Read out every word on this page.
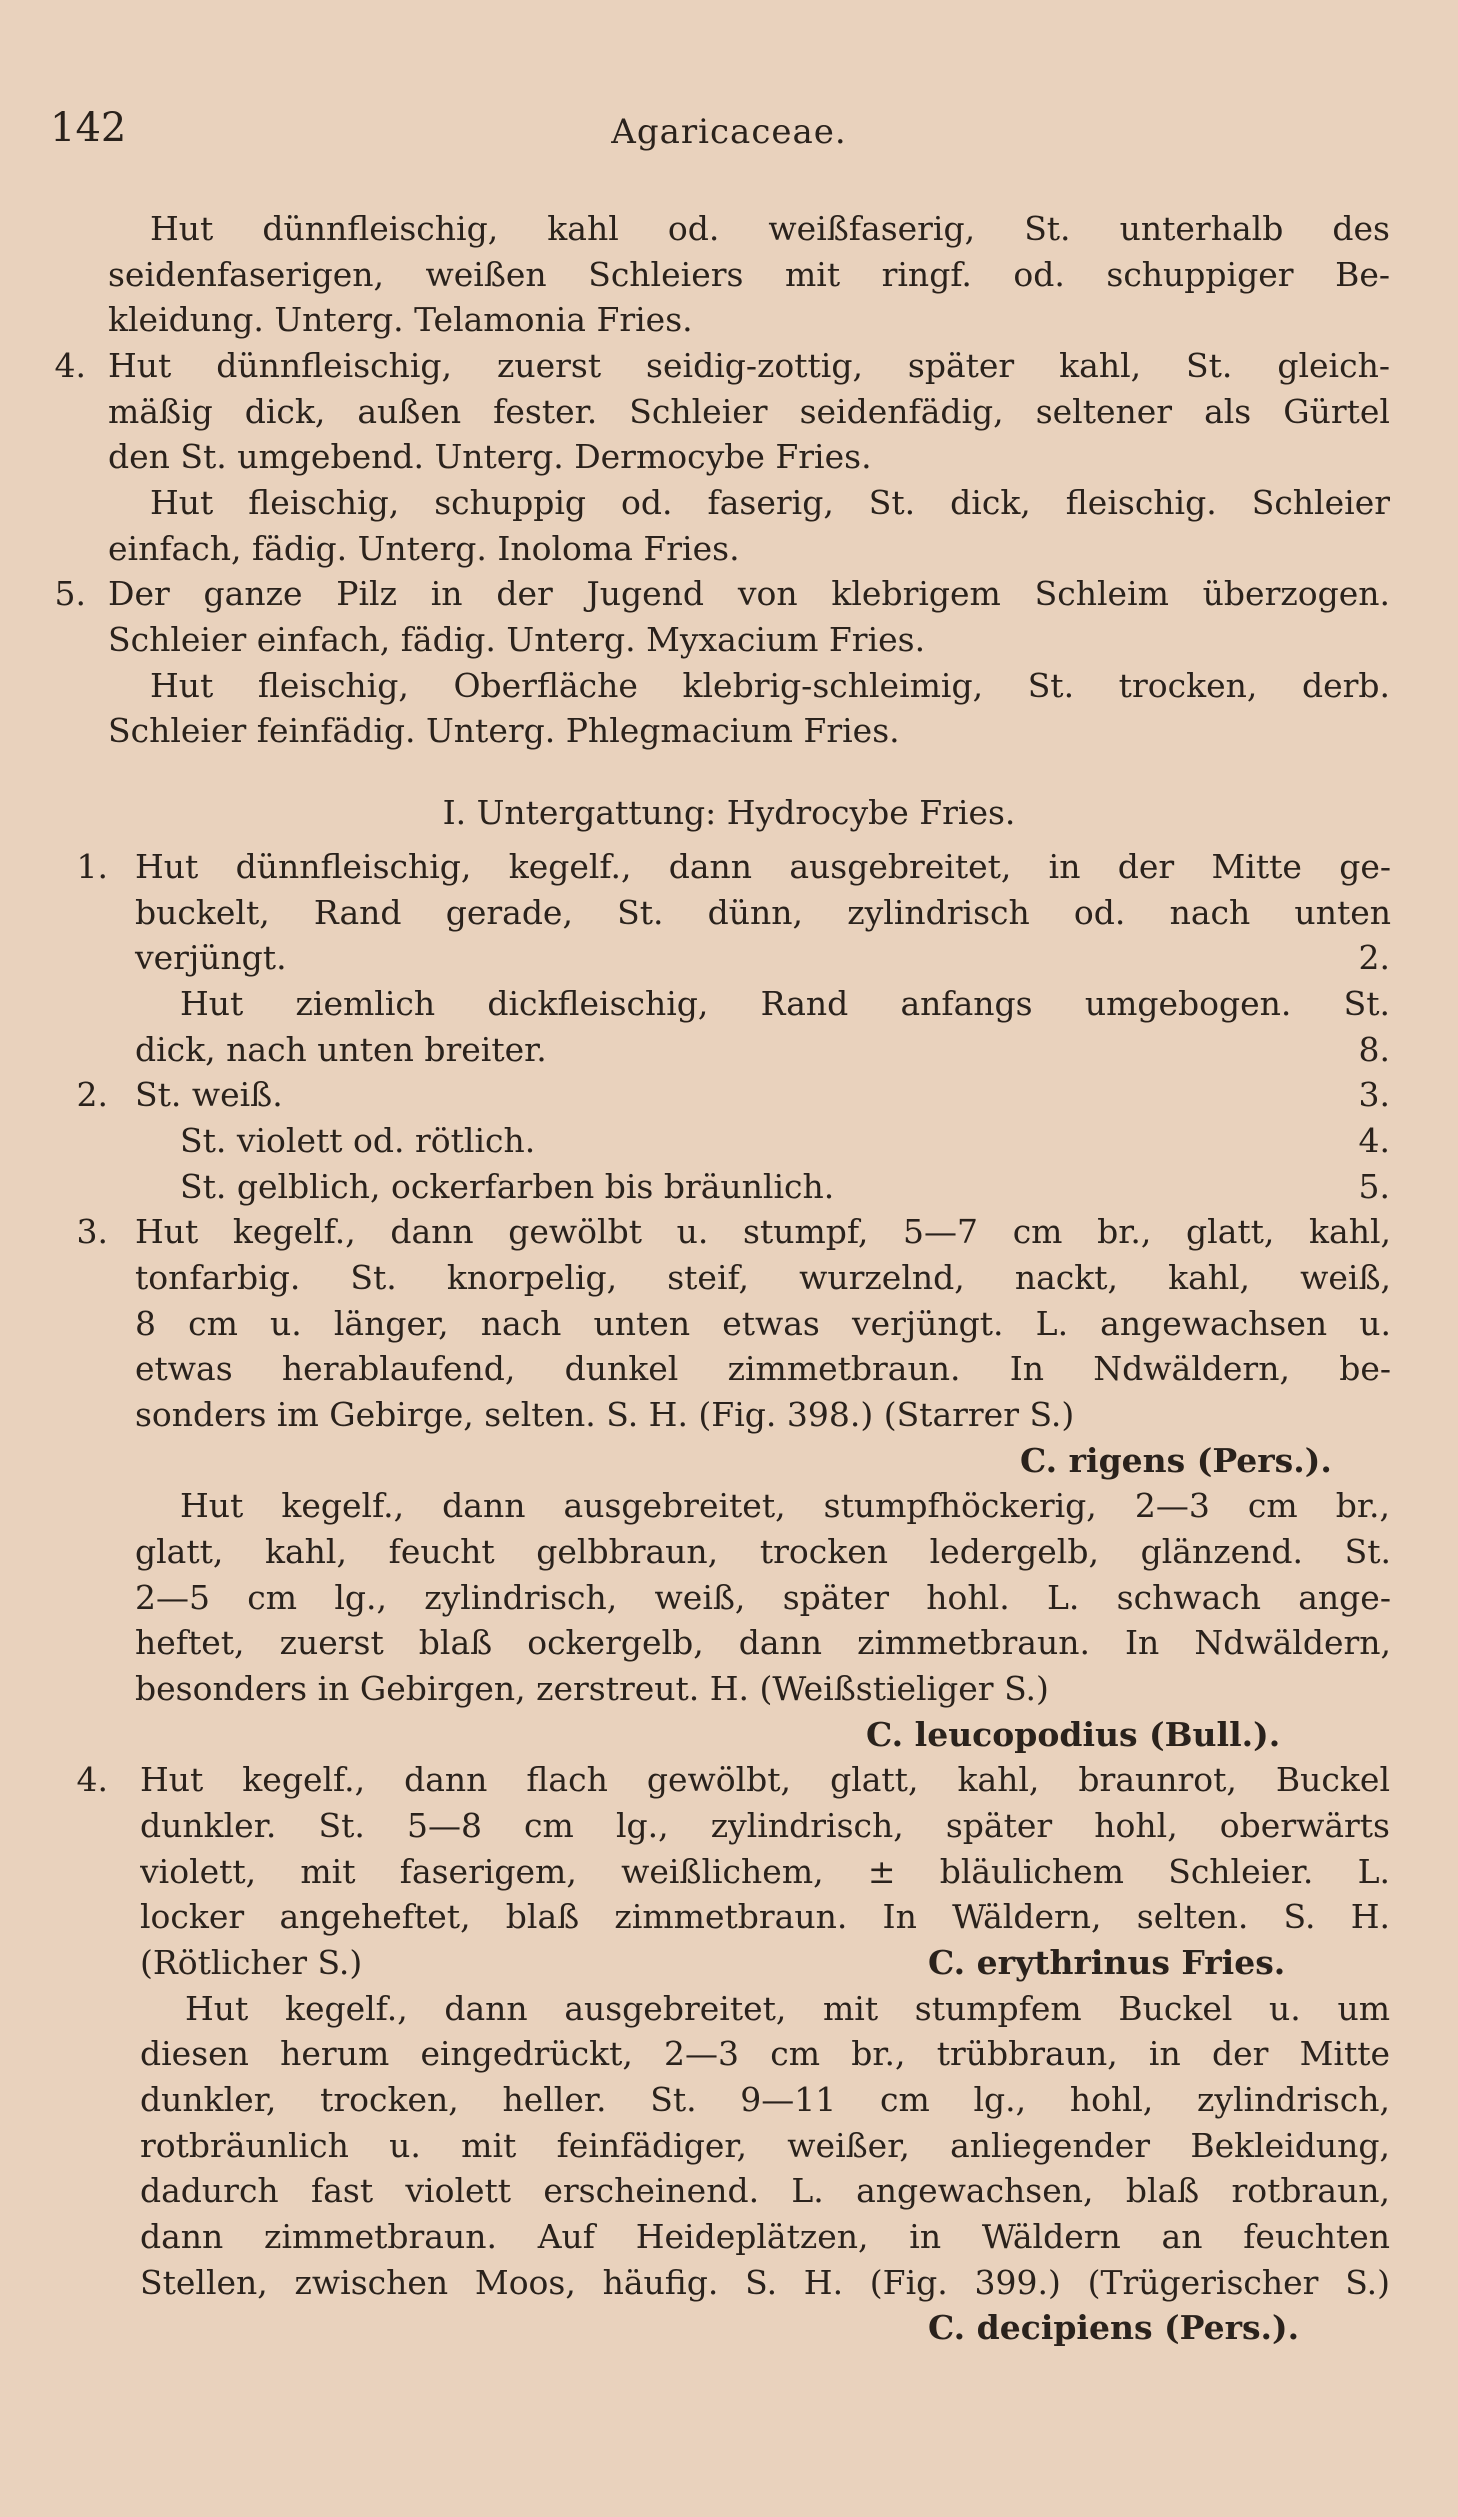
142	Agaricaceae.
Hut dünnfleischig, kahl od. weißfaserig, St. unterhalb des
seidenfaserigen, weißen Schleiers mit ringf. od. schuppiger Be-
kleidung. Unterg. Telamonia Fries.
4. Hut dünnfleischig, zuerst seidig-zottig, später kahl, St. gleich-
mäßig dick, außen fester. Schleier seidenfädig, seltener als Gürtel
den St. umgebend. Unterg. Dermocybe Fries.
Hut fleischig, schuppig od. faserig, St. dick, fleischig. Schleier
einfach, fädig. Unterg. Inoloma Fries.
5. Der ganze Pilz in der Jugend von klebrigem Schleim überzogen.
Schleier einfach, fädig. Unterg. Myxacium Fries.
Hut fleischig, Oberfläche klebrig-schleimig, St. trocken, derb.
Schleier feinfädig. Unterg. Phlegmacium Fries.
I. Untergattung: Hydrocybe Fries.
1. Hut dünnfleischig, kegelf., dann ausgebreitet, in der Mitte ge-
buckelt, Rand gerade, St. dünn, zylindrisch od. nach unten
verjüngt.	2.
Hut ziemlich dickfleischig, Rand anfangs umgebogen. St.
dick, nach unten breiter.	8.
2. St. weiß.	3.
St. violett od. rötlich.	4.
St. gelblich, ockerfarben bis bräunlich.	5.
3. Hut kegelf., dann gewölbt u. stumpf, 5—7 cm br., glatt, kahl,
tonfarbig. St. knorpelig, steif, wurzelnd, nackt, kahl, weiß,
8 cm u. länger, nach unten etwas verjüngt. L. angewachsen u.
etwas herablaufend, dunkel zimmetbraun. In Ndwäldern, be-
sonders im Gebirge, selten. S. H. (Fig. 398.) (Starrer S.)
C. rigens (Pers.).
Hut kegelf., dann ausgebreitet, stumpfhöckerig, 2—3 cm br.,
glatt, kahl, feucht gelbbraun, trocken ledergelb, glänzend. St.
2—5 cm lg., zylindrisch, weiß, später hohl. L. schwach ange-
heftet, zuerst blaß ockergelb, dann zimmetbraun. In Ndwäldern,
besonders in Gebirgen, zerstreut. H. (Weißstieliger S.)
C. leucopodius (Bull.).
4. Hut kegelf., dann flach gewölbt, glatt, kahl, braunrot, Buckel
dunkler. St. 5—8 cm lg., zylindrisch, später hohl, oberwärts
violett, mit faserigem, weißlichem, ± bläulichem Schleier. L.
locker angeheftet, blaß zimmetbraun. In Wäldern, selten. S. H.
(Rötlicher S.)	C. erythrinus Fries.
Hut kegelf., dann ausgebreitet, mit stumpfem Buckel u. um
diesen herum eingedrückt, 2—3 cm br., trübbraun, in der Mitte
dunkler, trocken, heller. St. 9—11 cm lg., hohl, zylindrisch,
rotbräunlich u. mit feinfädiger, weißer, anliegender Bekleidung,
dadurch fast violett erscheinend. L. angewachsen, blaß rotbraun,
dann zimmetbraun. Auf Heideplätzen, in Wäldern an feuchten
Stellen, zwischen Moos, häufig. S. H. (Fig. 399.) (Trügerischer S.)
C. decipiens (Pers.).
